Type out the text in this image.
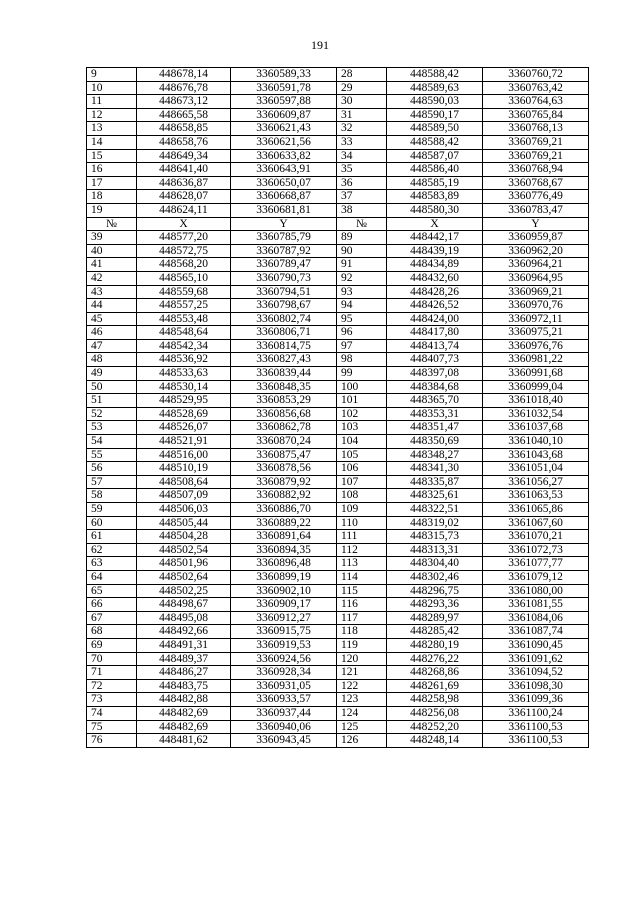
191
9	448678,14	3360589,33	28	448588,42	3360760,72
10	448676,78	3360591,78	29	448589,63	3360763,42
11	448673,12	3360597,88	30	448590,03	3360764,63
12	448665,58	3360609,87	31	448590,17	3360765,84
13	448658,85	3360621,43	32	448589,50	3360768,13
14	448658,76	3360621,56	33	448588,42	3360769,21
15	448649,34	3360633,82	34	448587,07	3360769,21
16	448641,40	3360643,91	35	448586,40	3360768,94
17	448636,87	3360650,07	36	448585,19	3360768,67
18	448628,07	3360668,87	37	448583,89	3360776,49
19	448624,11	3360681,81	38	448580,30	3360783,47
№	X	Y	№	X	Y
39	448577,20	3360785,79	89	448442,17	3360959,87
40	448572,75	3360787,92	90	448439,19	3360962,20
41	448568,20	3360789,47	91	448434,89	3360964,21
42	448565,10	3360790,73	92	448432,60	3360964,95
43	448559,68	3360794,51	93	448428,26	3360969,21
44	448557,25	3360798,67	94	448426,52	3360970,76
45	448553,48	3360802,74	95	448424,00	3360972,11
46	448548,64	3360806,71	96	448417,80	3360975,21
47	448542,34	3360814,75	97	448413,74	3360976,76
48	448536,92	3360827,43	98	448407,73	3360981,22
49	448533,63	3360839,44	99	448397,08	3360991,68
50	448530,14	3360848,35	100	448384,68	3360999,04
51	448529,95	3360853,29	101	448365,70	3361018,40
52	448528,69	3360856,68	102	448353,31	3361032,54
53	448526,07	3360862,78	103	448351,47	3361037,68
54	448521,91	3360870,24	104	448350,69	3361040,10
55	448516,00	3360875,47	105	448348,27	3361043,68
56	448510,19	3360878,56	106	448341,30	3361051,04
57	448508,64	3360879,92	107	448335,87	3361056,27
58	448507,09	3360882,92	108	448325,61	3361063,53
59	448506,03	3360886,70	109	448322,51	3361065,86
60	448505,44	3360889,22	110	448319,02	3361067,60
61	448504,28	3360891,64	111	448315,73	3361070,21
62	448502,54	3360894,35	112	448313,31	3361072,73
63	448501,96	3360896,48	113	448304,40	3361077,77
64	448502,64	3360899,19	114	448302,46	3361079,12
65	448502,25	3360902,10	115	448296,75	3361080,00
66	448498,67	3360909,17	116	448293,36	3361081,55
67	448495,08	3360912,27	117	448289,97	3361084,06
68	448492,66	3360915,75	118	448285,42	3361087,74
69	448491,31	3360919,53	119	448280,19	3361090,45
70	448489,37	3360924,56	120	448276,22	3361091,62
71	448486,27	3360928,34	121	448268,86	3361094,52
72	448483,75	3360931,05	122	448261,69	3361098,30
73	448482,88	3360933,57	123	448258,98	3361099,36
74	448482,69	3360937,44	124	448256,08	3361100,24
75	448482,69	3360940,06	125	448252,20	3361100,53
76	448481,62	3360943,45	126	448248,14	3361100,53
